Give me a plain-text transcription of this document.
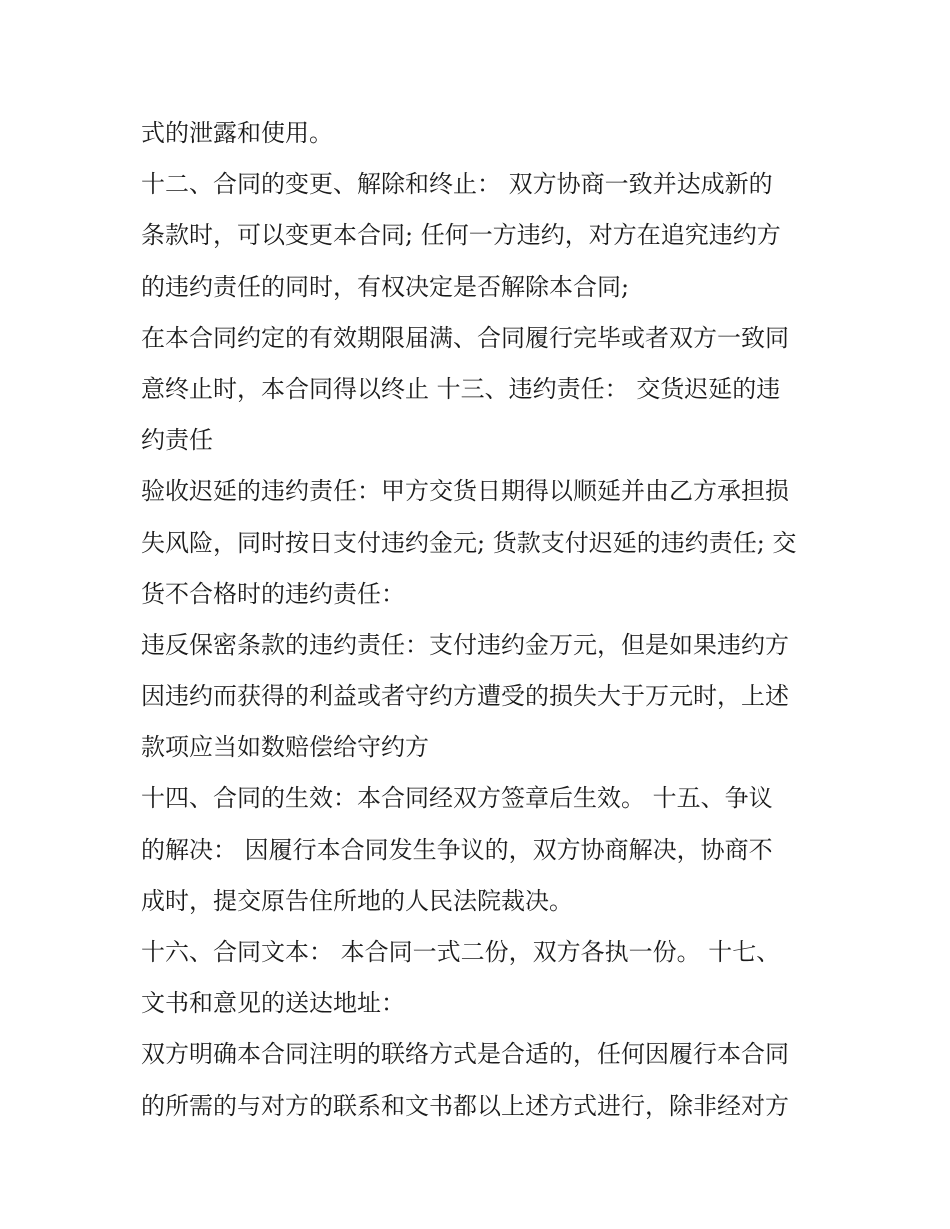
式的泄露和使用。
十二、合同的变更、解除和终止： 双方协商一致并达成新的
条款时，可以变更本合同; 任何一方违约，对方在追究违约方
的违约责任的同时，有权决定是否解除本合同;
在本合同约定的有效期限届满、合同履行完毕或者双方一致同
意终止时，本合同得以终止 十三、违约责任： 交货迟延的违
约责任
验收迟延的违约责任：甲方交货日期得以顺延并由乙方承担损
失风险，同时按日支付违约金元; 货款支付迟延的违约责任; 交
货不合格时的违约责任：
违反保密条款的违约责任：支付违约金万元，但是如果违约方
因违约而获得的利益或者守约方遭受的损失大于万元时，上述
款项应当如数赔偿给守约方
十四、合同的生效：本合同经双方签章后生效。 十五、争议
的解决： 因履行本合同发生争议的，双方协商解决，协商不
成时，提交原告住所地的人民法院裁决。
十六、合同文本： 本合同一式二份，双方各执一份。 十七、
文书和意见的送达地址：
双方明确本合同注明的联络方式是合适的，任何因履行本合同
的所需的与对方的联系和文书都以上述方式进行，除非经对方
